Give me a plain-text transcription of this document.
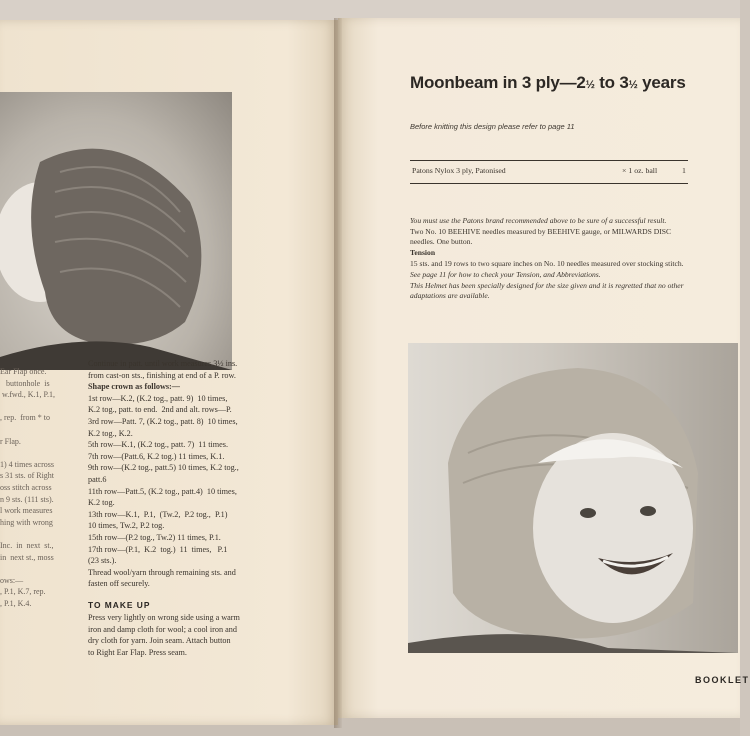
Ear Flap once.
buttonhole  is
w.fwd., K.1, P.1,

, rep.  from * to

r Flap.

1) 4 times across
s 31 sts. of Right
oss stitch across
n 9 sts. (111 sts).
l work measures
hing with wrong

Inc.  in  next  st.,
in  next st., moss

ows:—
, P.1, K.7, rep.
, P.1, K.4.
Continue in patt. until work measures 3½ ins.
from cast-on sts., finishing at end of a P. row.
Shape crown as follows:—
1st row—K.2, (K.2 tog., patt. 9)  10 times,
K.2 tog., patt. to end.  2nd and alt. rows—P.
3rd row—Patt. 7, (K.2 tog., patt. 8)  10 times,
K.2 tog., K.2.
5th row—K.1, (K.2 tog., patt. 7)  11 times.
7th row—(Patt.6, K.2 tog.) 11 times, K.1.
9th row—(K.2 tog., patt.5) 10 times, K.2 tog.,
patt.6
11th row—Patt.5, (K.2 tog., patt.4)  10 times,
K.2 tog.
13th row—K.1,  P.1,  (Tw.2,  P.2 tog.,  P.1)
10 times, Tw.2, P.2 tog.
15th row—(P.2 tog., Tw.2) 11 times, P.1.
17th row—(P.1,  K.2  tog.)  11  times,   P.1
(23 sts.).
Thread wool/yarn through remaining sts. and
fasten off securely.
TO MAKE UP
Press very lightly on wrong side using a warm
iron and damp cloth for wool; a cool iron and
dry cloth for yarn. Join seam. Attach button
to Right Ear Flap. Press seam.
Moonbeam in 3 ply—2½ to 3½ years
Before knitting this design please refer to page 11
Patons Nylox 3 ply, Patonised	× 1 oz. ball	1
You must use the Patons brand recommended above to be sure of a successful result.
Two No. 10 BEEHIVE needles measured by BEEHIVE gauge, or MILWARDS DISC needles. One button.
Tension
15 sts. and 19 rows to two square inches on No. 10 needles measured over stocking stitch.
See page 11 for how to check your Tension, and Abbreviations.
This Helmet has been specially designed for the size given and it is regretted that no other adaptations are available.
BOOKLET
